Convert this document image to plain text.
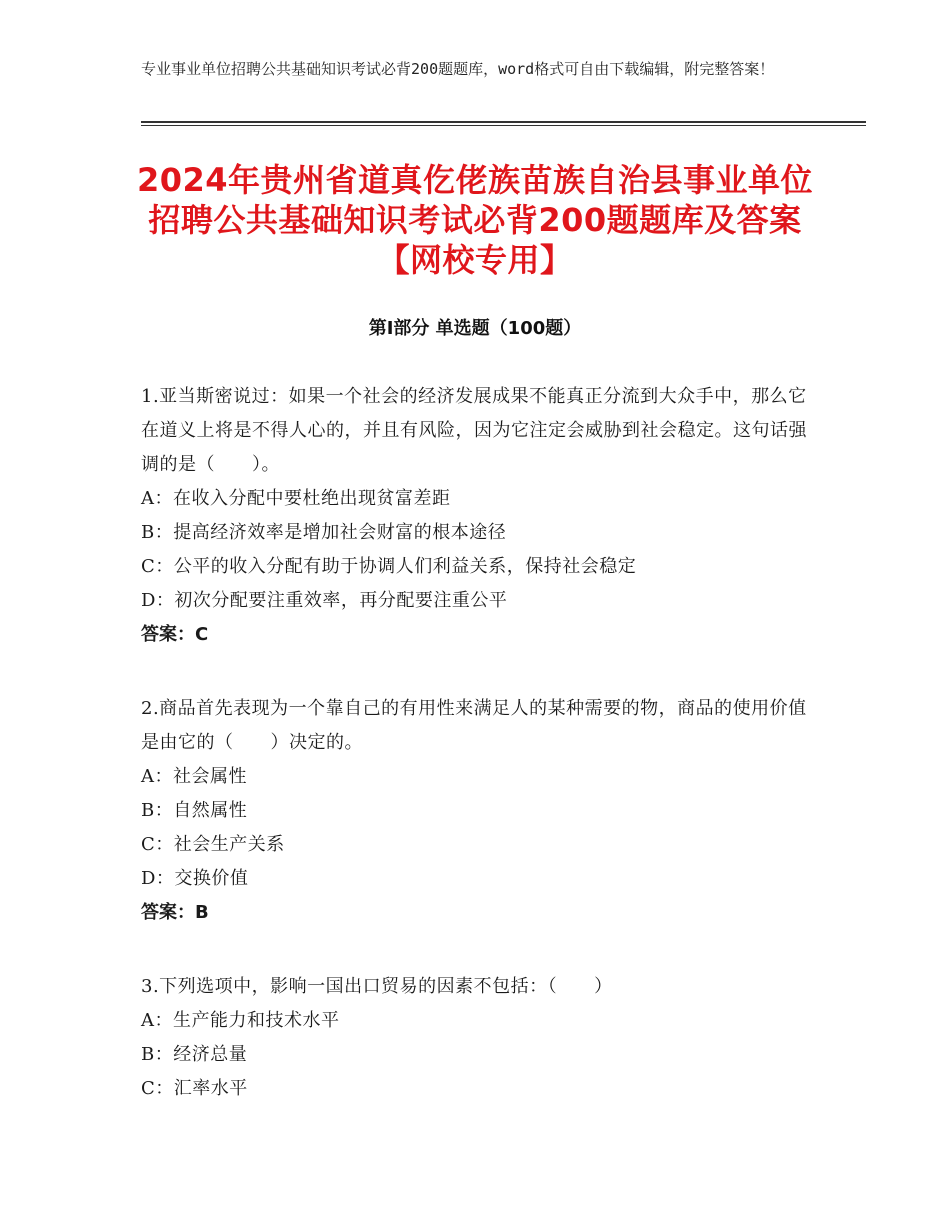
专业事业单位招聘公共基础知识考试必背200题题库，word格式可自由下载编辑，附完整答案！
2024年贵州省道真仡佬族苗族自治县事业单位招聘公共基础知识考试必背200题题库及答案【网校专用】
第Ⅰ部分 单选题（100题）

1.亚当斯密说过：如果一个社会的经济发展成果不能真正分流到大众手中，那么它在道义上将是不得人心的，并且有风险，因为它注定会威胁到社会稳定。这句话强调的是（　　）。

A：在收入分配中要杜绝出现贫富差距

B：提高经济效率是增加社会财富的根本途径

C：公平的收入分配有助于协调人们利益关系，保持社会稳定

D：初次分配要注重效率，再分配要注重公平

答案：C

2.商品首先表现为一个靠自己的有用性来满足人的某种需要的物，商品的使用价值是由它的（　　）决定的。

A：社会属性

B：自然属性

C：社会生产关系

D：交换价值

答案：B

3.下列选项中，影响一国出口贸易的因素不包括：（　　）

A：生产能力和技术水平

B：经济总量

C：汇率水平
